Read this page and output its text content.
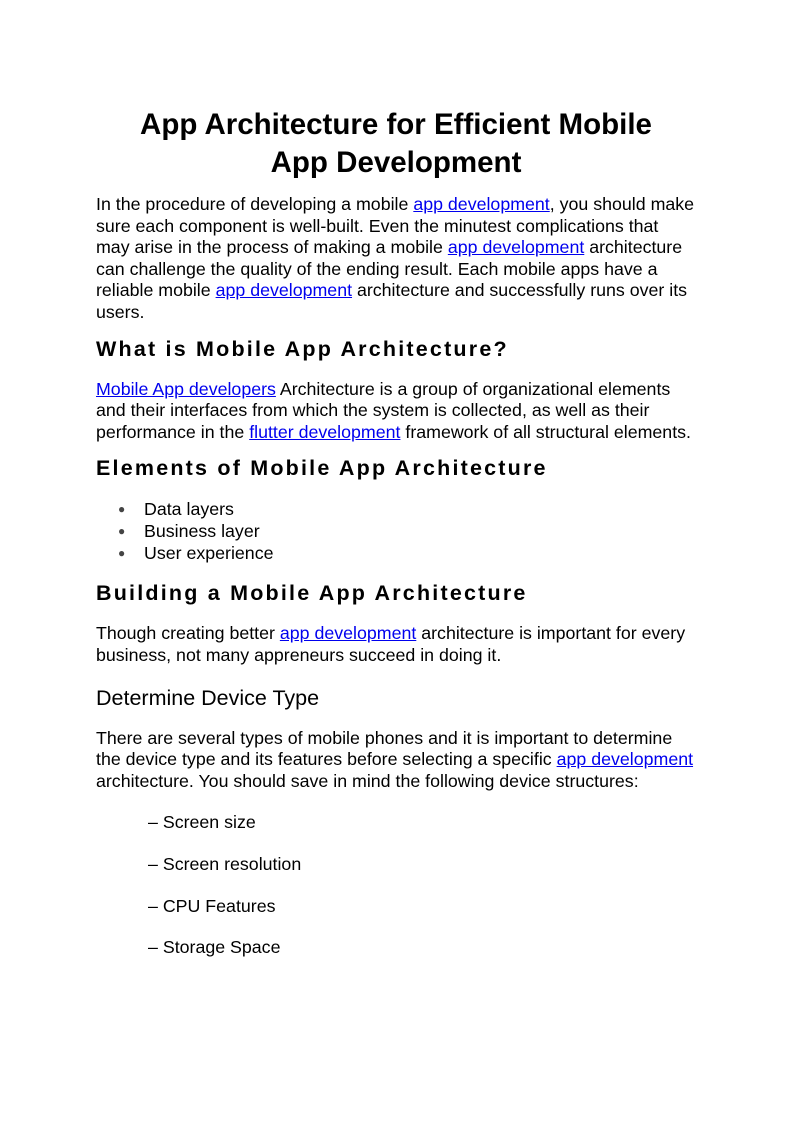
App Architecture for Efficient Mobile
App Development

In the procedure of developing a mobile app development, you should make sure each component is well-built. Even the minutest complications that may arise in the process of making a mobile app development architecture can challenge the quality of the ending result. Each mobile apps have a reliable mobile app development architecture and successfully runs over its users.

What is Mobile App Architecture?

Mobile App developers Architecture is a group of organizational elements and their interfaces from which the system is collected, as well as their performance in the flutter development framework of all structural elements.

Elements of Mobile App Architecture
● Data layers
● Business layer
● User experience
Building a Mobile App Architecture

Though creating better app development architecture is important for every business, not many appreneurs succeed in doing it.

Determine Device Type

There are several types of mobile phones and it is important to determine the device type and its features before selecting a specific app development architecture. You should save in mind the following device structures:

– Screen size

– Screen resolution

– CPU Features

– Storage Space
